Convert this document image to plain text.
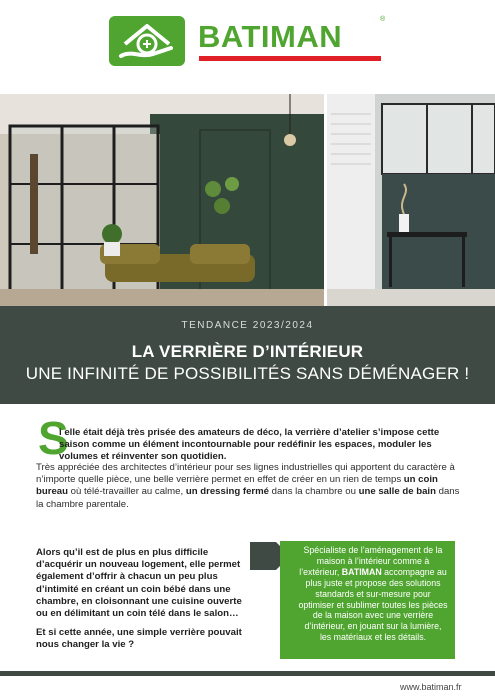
BATIMAN	®
TENDANCE 2023/2024
LA VERRIÈRE D’INTÉRIEUR
UNE INFINITÉ DE POSSIBILITÉS SANS DÉMÉNAGER !
S
i elle était déjà très prisée des amateurs de déco, la verrière d’atelier s’impose cette saison comme un élément incontournable pour redéfinir les espaces, moduler les volumes et réinventer son quotidien.
Très appréciée des architectes d’intérieur pour ses lignes industrielles qui apportent du caractère à n’importe quelle pièce, une belle verrière permet en effet de créer en un rien de temps un coin bureau où télé-travailler au calme, un dressing fermé dans la chambre ou une salle de bain dans la chambre parentale.

Alors qu’il est de plus en plus difficile d’acquérir un nouveau logement, elle permet également d’offrir à chacun un peu plus d’intimité en créant un coin bébé dans une chambre, en cloisonnant une cuisine ouverte ou en délimitant un coin télé dans le salon…

Et si cette année, une simple verrière pouvait nous changer la vie ?

Spécialiste de l’aménagement de la maison à l’intérieur comme à l’extérieur, BATIMAN accompagne au plus juste et propose des solutions standards et sur-mesure pour optimiser et sublimer toutes les pièces de la maison avec une verrière d’intérieur, en jouant sur la lumière, les matériaux et les détails.
www.batiman.fr
